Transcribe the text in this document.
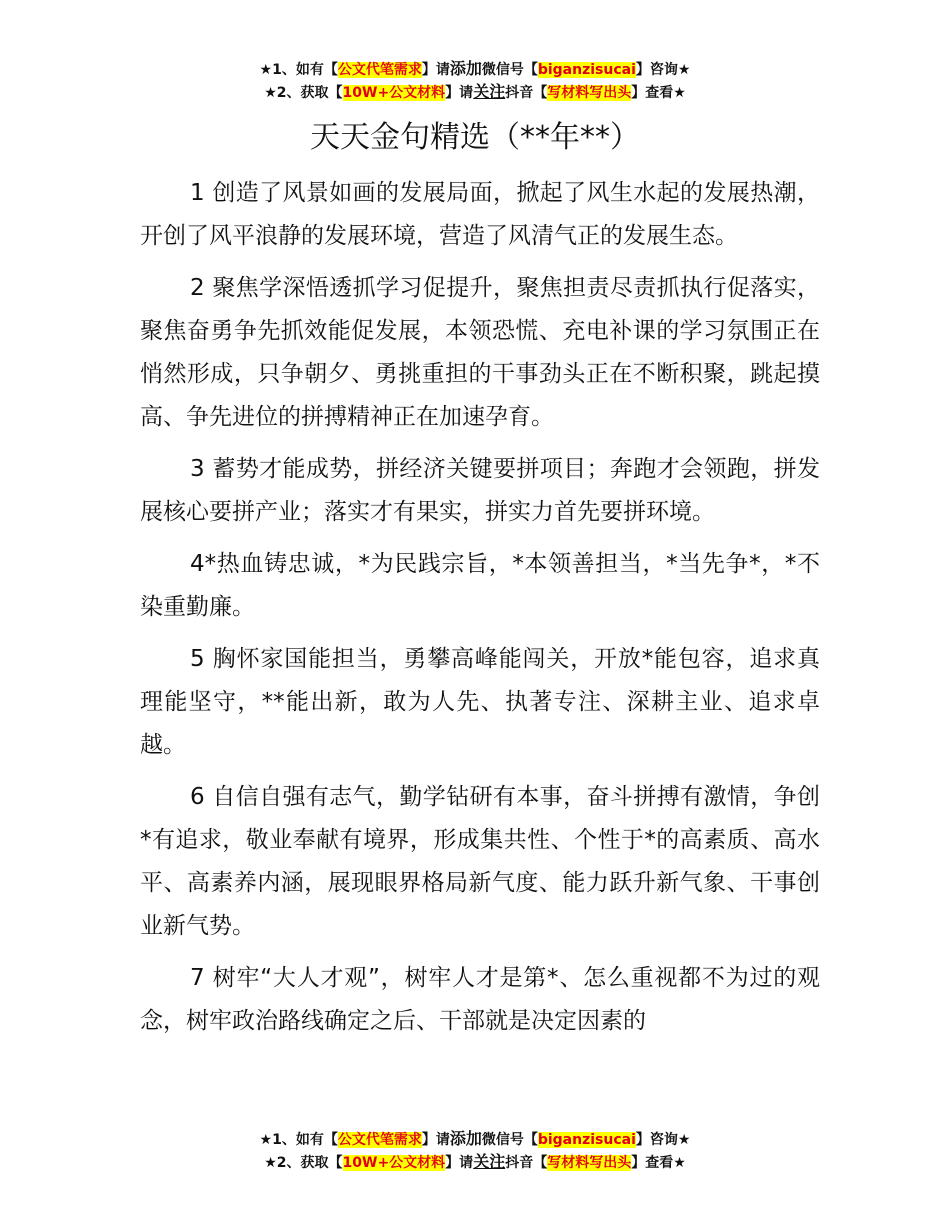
★1、如有【公文代笔需求】请添加微信号【biganzisucai】咨询★
★2、获取【10W+公文材料】请关注抖音【写材料写出头】查看★
天天金句精选（**年**）

1 创造了风景如画的发展局面，掀起了风生水起的发展热潮，开创了风平浪静的发展环境，营造了风清气正的发展生态。

2 聚焦学深悟透抓学习促提升，聚焦担责尽责抓执行促落实，聚焦奋勇争先抓效能促发展，本领恐慌、充电补课的学习氛围正在悄然形成，只争朝夕、勇挑重担的干事劲头正在不断积聚，跳起摸高、争先进位的拼搏精神正在加速孕育。

3 蓄势才能成势，拼经济关键要拼项目；奔跑才会领跑，拼发展核心要拼产业；落实才有果实，拼实力首先要拼环境。

4*热血铸忠诚，*为民践宗旨，*本领善担当，*当先争*，*不染重勤廉。

5 胸怀家国能担当，勇攀高峰能闯关，开放*能包容，追求真理能坚守，**能出新，敢为人先、执著专注、深耕主业、追求卓越。

6 自信自强有志气，勤学钻研有本事，奋斗拼搏有激情，争创*有追求，敬业奉献有境界，形成集共性、个性于*的高素质、高水平、高素养内涵，展现眼界格局新气度、能力跃升新气象、干事创业新气势。

7 树牢“大人才观”，树牢人才是第*、怎么重视都不为过的观念，树牢政治路线确定之后、干部就是决定因素的

★1、如有【公文代笔需求】请添加微信号【biganzisucai】咨询★
★2、获取【10W+公文材料】请关注抖音【写材料写出头】查看★
